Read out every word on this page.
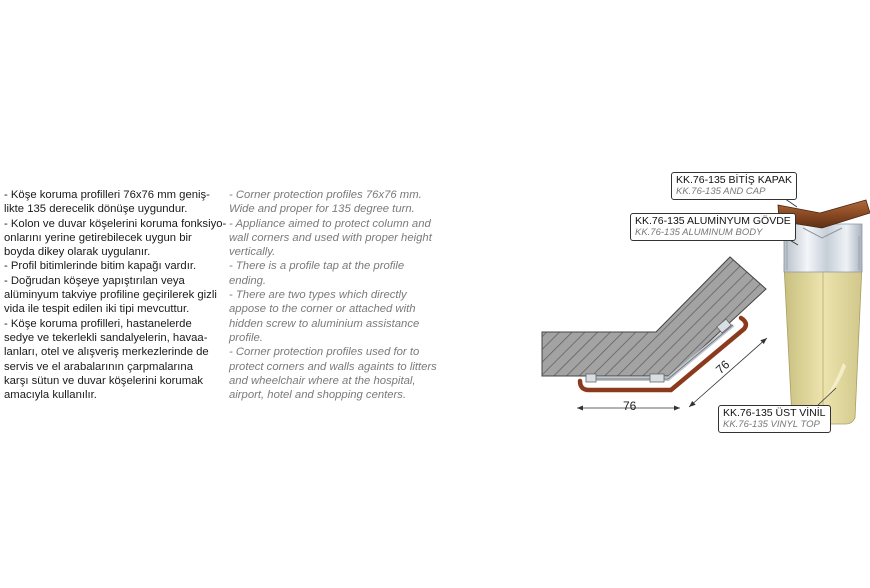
- Köşe koruma profilleri 76x76 mm geniş-
likte 135 derecelik dönüşe uygundur.
- Kolon ve duvar köşelerini koruma fonksiyo-
onlarını yerine getirebilecek uygun bir
boyda dikey olarak uygulanır.
- Profil bitimlerinde bitim kapağı vardır.
- Doğrudan köşeye yapıştırılan veya
alüminyum takviye profiline geçirilerek gizli
vida ile tespit edilen iki tipi mevcuttur.
- Köşe koruma profilleri, hastanelerde
sedye ve tekerlekli sandalyelerin, havaa-
lanları, otel ve alışveriş merkezlerinde de
servis ve el arabalarının çarpmalarına
karşı sütun ve duvar köşelerini korumak
amacıyla kullanılır.
- Corner protection profiles 76x76 mm.
Wide and proper for 135 degree turn.
- Appliance aimed to protect column and
wall corners and used with proper height
vertically.
- There is a profile tap at the profile
ending.
- There are two types which directly
appose to the corner or attached with
hidden screw to aluminium assistance
profile.
- Corner protection profiles used for to
protect corners and walls againts to litters
and wheelchair where at the hospital,
airport, hotel and shopping centers.
KK.76-135 BİTİŞ KAPAK
KK.76-135 AND CAP
KK.76-135 ALUMİNYUM GÖVDE
KK.76-135 ALUMINUM BODY
KK.76-135 ÜST VİNİL
KK.76-135 VINYL TOP
76
76
